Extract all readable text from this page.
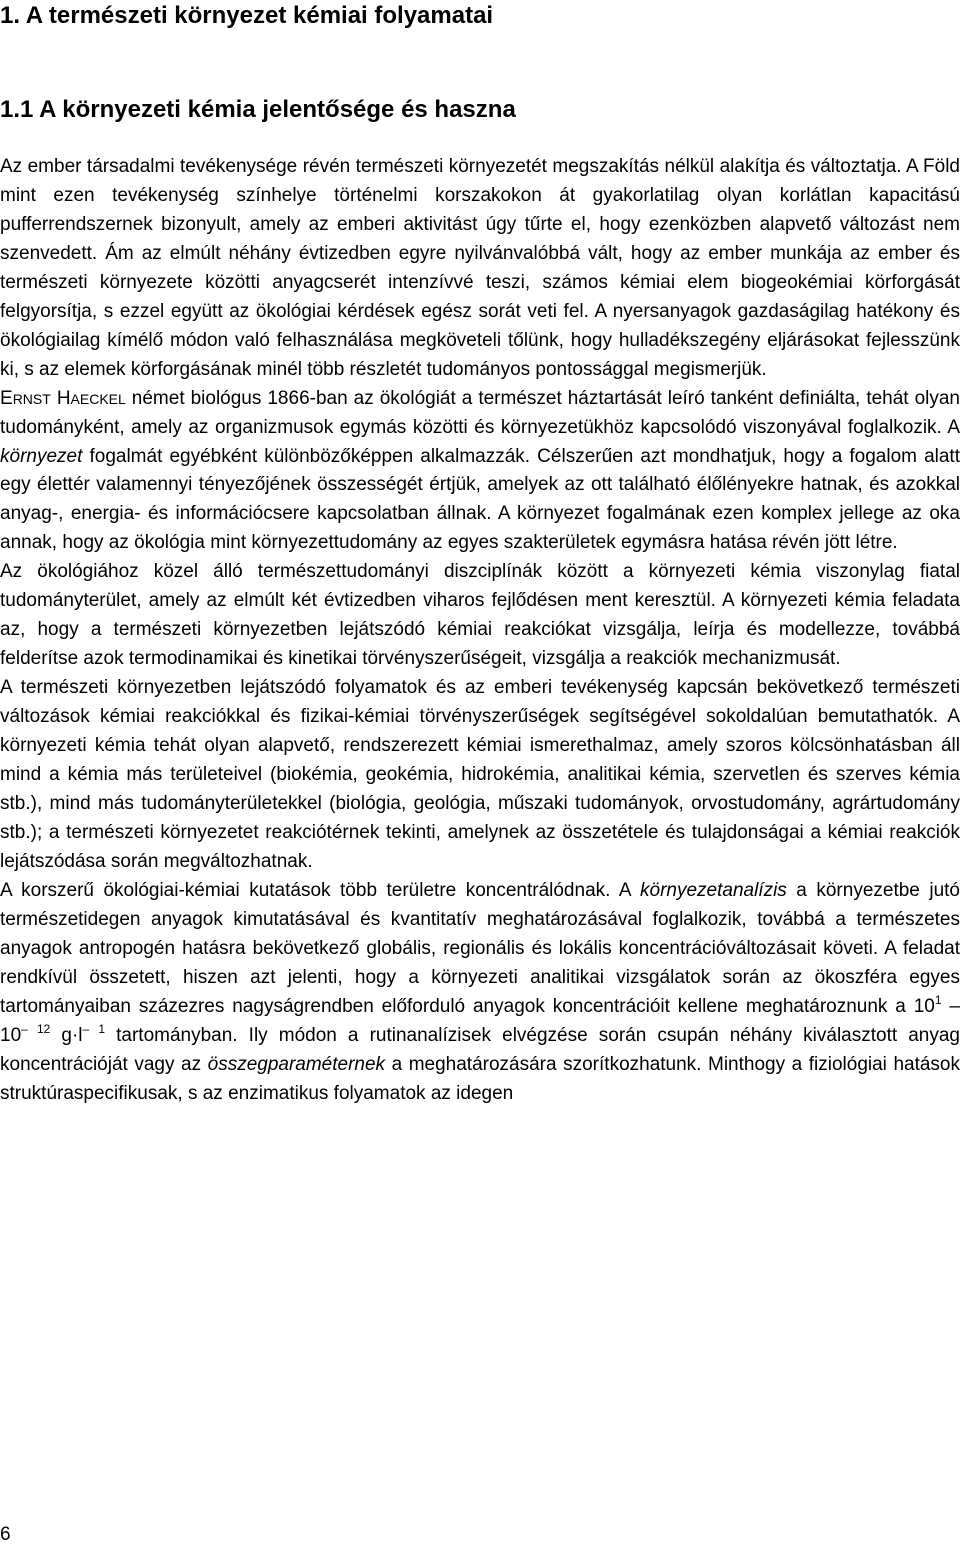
1. A természeti környezet kémiai folyamatai
1.1 A környezeti kémia jelentősége és haszna

Az ember társadalmi tevékenysége révén természeti környezetét megszakítás nélkül alakítja és változtatja. A Föld mint ezen tevékenység színhelye történelmi korszakokon át gyakorlatilag olyan korlátlan kapacitású pufferrendszernek bizonyult, amely az emberi aktivitást úgy tűrte el, hogy ezenközben alapvető változást nem szenvedett. Ám az elmúlt néhány évtizedben egyre nyilvánvalóbbá vált, hogy az ember munkája az ember és természeti környezete közötti anyagcserét intenzívvé teszi, számos kémiai elem biogeokémiai körforgását felgyorsítja, s ezzel együtt az ökológiai kérdések egész sorát veti fel. A nyersanyagok gazdaságilag hatékony és ökológiailag kímélő módon való felhasználása megköveteli tőlünk, hogy hulladékszegény eljárásokat fejlesszünk ki, s az elemek körforgásának minél több részletét tudományos pontossággal megismerjük.

ERNST HAECKEL német biológus 1866-ban az ökológiát a természet háztartását leíró tanként definiálta, tehát olyan tudományként, amely az organizmusok egymás közötti és környezetükhöz kapcsolódó viszonyával foglalkozik. A környezet fogalmát egyébként különbözőképpen alkalmazzák. Célszerűen azt mondhatjuk, hogy a fogalom alatt egy élettér valamennyi tényezőjének összességét értjük, amelyek az ott található élőlényekre hatnak, és azokkal anyag-, energia- és információcsere kapcsolatban állnak. A környezet fogalmának ezen komplex jellege az oka annak, hogy az ökológia mint környezettudomány az egyes szakterületek egymásra hatása révén jött létre.

Az ökológiához közel álló természettudományi diszciplínák között a környezeti kémia viszonylag fiatal tudományterület, amely az elmúlt két évtizedben viharos fejlődésen ment keresztül. A környezeti kémia feladata az, hogy a természeti környezetben lejátszódó kémiai reakciókat vizsgálja, leírja és modellezze, továbbá felderítse azok termodinamikai és kinetikai törvényszerűségeit, vizsgálja a reakciók mechanizmusát.

A természeti környezetben lejátszódó folyamatok és az emberi tevékenység kapcsán bekövetkező természeti változások kémiai reakciókkal és fizikai-kémiai törvényszerűségek segítségével sokoldalúan bemutathatók. A környezeti kémia tehát olyan alapvető, rendszerezett kémiai ismerethalmaz, amely szoros kölcsönhatásban áll mind a kémia más területeivel (biokémia, geokémia, hidrokémia, analitikai kémia, szervetlen és szerves kémia stb.), mind más tudományterületekkel (biológia, geológia, műszaki tudományok, orvostudomány, agrártudomány stb.); a természeti környezetet reakciótérnek tekinti, amelynek az összetétele és tulajdonságai a kémiai reakciók lejátszódása során megváltozhatnak.

A korszerű ökológiai-kémiai kutatások több területre koncentrálódnak. A környezetanalízis a környezetbe jutó természetidegen anyagok kimutatásával és kvantitatív meghatározásával foglalkozik, továbbá a természetes anyagok antropogén hatásra bekövetkező globális, regionális és lokális koncentrációváltozásait követi. A feladat rendkívül összetett, hiszen azt jelenti, hogy a környezeti analitikai vizsgálatok során az ökoszféra egyes tartományaiban százezres nagyságrendben előforduló anyagok koncentrációit kellene meghatároznunk a $10^1 - 10^{- 12}$ $g\cdot l^{- 1}$ tartományban. Ily módon a rutinanalízisek elvégzése során csupán néhány kiválasztott anyag koncentrációját vagy az összegparaméternek a meghatározására szorítkozhatunk. Minthogy a fiziológiai hatások struktúraspecifikusak, s az enzimatikus folyamatok az idegen

6
